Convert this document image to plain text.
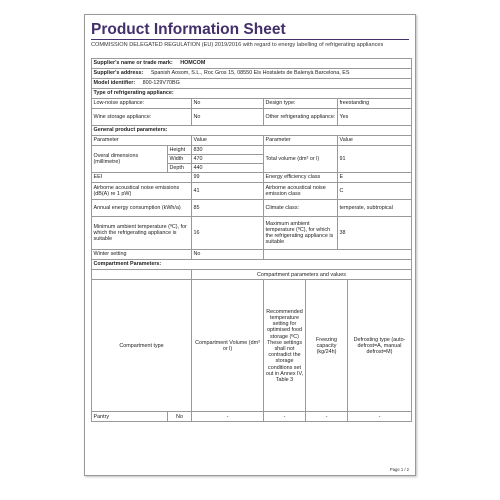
Product Information Sheet
COMMISSION DELEGATED REGULATION (EU) 2019/2016 with regard to energy labelling of refrigerating appliances
Supplier's name or trade mark: HOMCOM				
Supplier's address: Spanish Aosom, S.L., Roc Gros 15, 08550 Els Hostalets de Balenyà Barcelona, ES				
Model identifier: 800-129V70BG				
Type of refrigerating appliance:				
Low-noise appliance:		No	Design type:	freestanding
Wine storage appliance:		No	Other refrigerating appliance:	Yes
General product parameters:				
Parameter		Value	Parameter	Value
Overal dimensions (millimetre)	Height	830	Total volume (dm³ or l)	91
	Width	470		
	Depth	440		
EEI		99	Energy efficiency class	E
Airborne acoustical noise emissions (dB(A) re 1 pW)		41	Airborne acoustical noise emission class	C
Annual energy consumption (kWh/a)		85	Climate class:	temperate, subtropical
Minimum ambient temperature (ºC), for which the refrigerating appliance is suitable		16	Maximum ambient temperature (ºC), for which the refrigerating appliance is suitable	38
Winter setting		No		
Compartment Parameters:				
		Compartment parameters and values			
Compartment type		Compartment Volume (dm³ or l)	Recommended temperature setting for optimised food storage (ºC) These settings shall not contradict the storage conditions set out in Annex IV, Table 3	Freezing capacity (kg/24h)	Defrosting type (auto-defrost=A, manual defrost=M)
Pantry	No	-	-	-	-
Page 1 / 2
